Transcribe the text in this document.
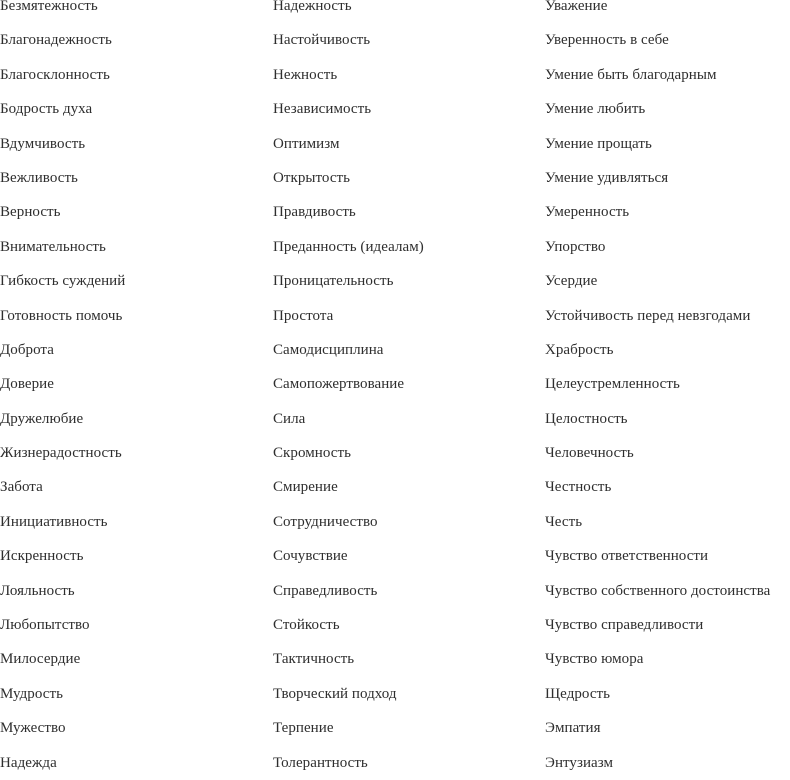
Безмятежность
Благонадежность
Благосклонность
Бодрость духа
Вдумчивость
Вежливость
Верность
Внимательность
Гибкость суждений
Готовность помочь
Доброта
Доверие
Дружелюбие
Жизнерадостность
Забота
Инициативность
Искренность
Лояльность
Любопытство
Милосердие
Мудрость
Мужество
Надежда
Надежность
Настойчивость
Нежность
Независимость
Оптимизм
Открытость
Правдивость
Преданность (идеалам)
Проницательность
Простота
Самодисциплина
Самопожертвование
Сила
Скромность
Смирение
Сотрудничество
Сочувствие
Справедливость
Стойкость
Тактичность
Творческий подход
Терпение
Толерантность
Уважение
Уверенность в себе
Умение быть благодарным
Умение любить
Умение прощать
Умение удивляться
Умеренность
Упорство
Усердие
Устойчивость перед невзгодами
Храбрость
Целеустремленность
Целостность
Человечность
Честность
Честь
Чувство ответственности
Чувство собственного достоинства
Чувство справедливости
Чувство юмора
Щедрость
Эмпатия
Энтузиазм
